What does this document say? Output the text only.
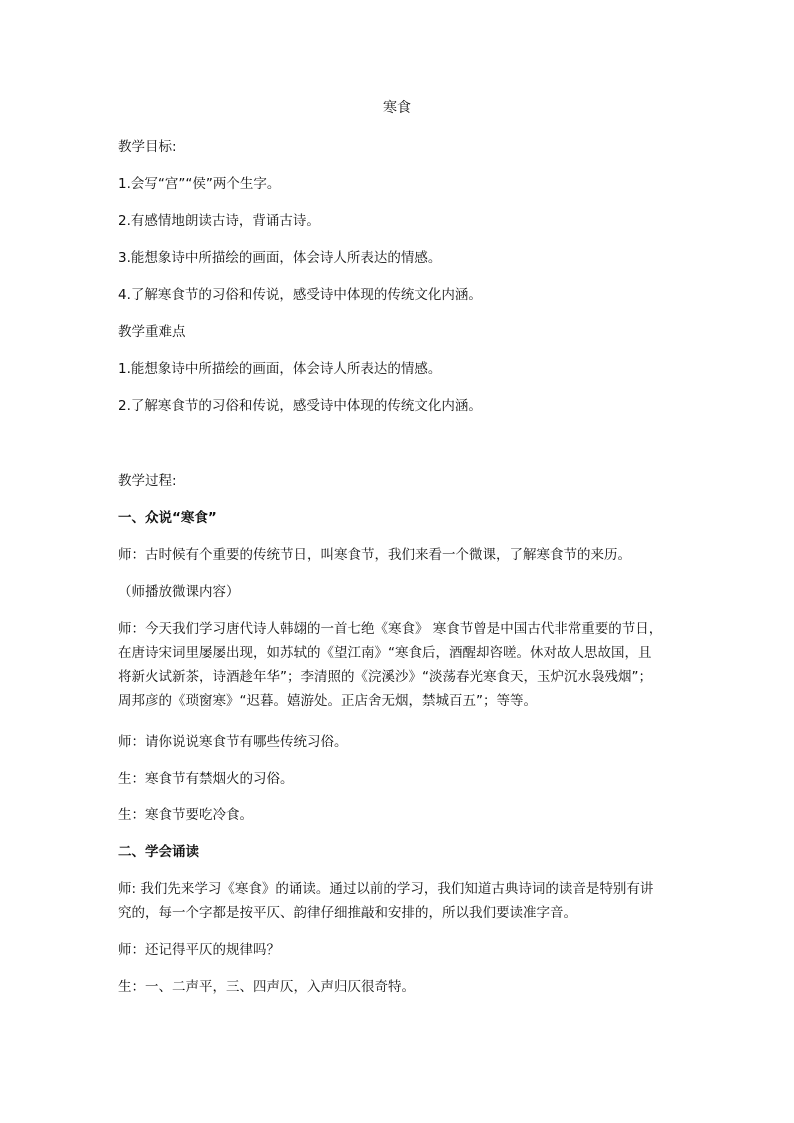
寒食

教学目标:

1.会写“宫”“侯”两个生字。

2.有感情地朗读古诗，背诵古诗。

3.能想象诗中所描绘的画面，体会诗人所表达的情感。

4.了解寒食节的习俗和传说，感受诗中体现的传统文化内涵。

教学重难点

1.能想象诗中所描绘的画面，体会诗人所表达的情感。

2.了解寒食节的习俗和传说，感受诗中体现的传统文化内涵。

教学过程:

一、众说“寒食”

师：古时候有个重要的传统节日，叫寒食节，我们来看一个微课，了解寒食节的来历。

（师播放微课内容）

师：今天我们学习唐代诗人韩翃的一首七绝《寒食》 寒食节曾是中国古代非常重要的节日，
在唐诗宋词里屡屡出现，如苏轼的《望江南》“寒食后，酒醒却咨嗟。休对故人思故国，且
将新火试新茶，诗酒趁年华”；李清照的《浣溪沙》“淡荡春光寒食天，玉炉沉水袅残烟”；
周邦彦的《琐窗寒》“迟暮。嬉游处。正店舍无烟，禁城百五”；等等。

师：请你说说寒食节有哪些传统习俗。

生：寒食节有禁烟火的习俗。

生：寒食节要吃冷食。

二、学会诵读

师: 我们先来学习《寒食》的诵读。通过以前的学习，我们知道古典诗词的读音是特别有讲
究的，每一个字都是按平仄、韵律仔细推敲和安排的，所以我们要读准字音。

师：还记得平仄的规律吗？

生：一、二声平，三、四声仄，入声归仄很奇特。
